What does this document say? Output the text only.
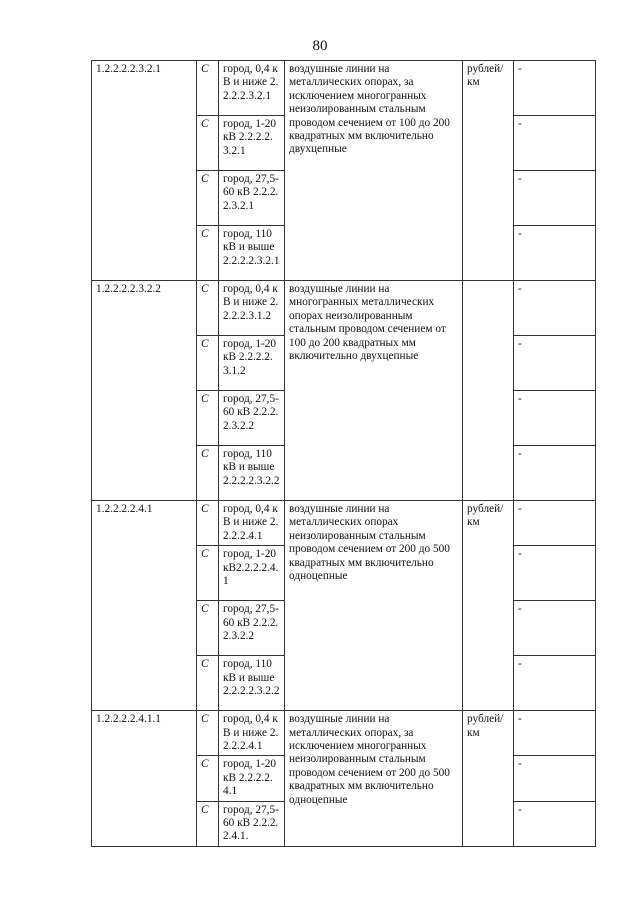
80
1.2.2.2.2.3.2.1	С	город, 0,4 кВ и ниже 2.2.2.2.3.2.1	воздушные линии на металлических опорах, за исключением многогранных неизолированным стальным проводом сечением от 100 до 200 квадратных мм включительно двухцепные	рублей/ км	-
	С	город, 1-20 кВ 2.2.2.2.3.2.1			-
	С	город, 27,5-60 кВ 2.2.2.2.3.2.1			-
	С	город, 110 кВ и выше 2.2.2.2.3.2.1			-
1.2.2.2.2.3.2.2	С	город, 0,4 кВ и ниже 2.2.2.2.3.1.2	воздушные линии на многогранных металлических опорах неизолированным стальным проводом сечением от 100 до 200 квадратных мм включительно двухцепные		-
	С	город, 1-20 кВ 2.2.2.2.3.1.2			-
	С	город, 27,5-60 кВ 2.2.2.2.3.2.2			-
	С	город, 110 кВ и выше 2.2.2.2.3.2.2			-
1.2.2.2.2.4.1	С	город, 0,4 кВ и ниже 2.2.2.2.4.1	воздушные линии на металлических опорах неизолированным стальным проводом сечением от 200 до 500 квадратных мм включительно одноцепные	рублей/ км	-
	С	город, 1-20 кВ2.2.2.2.4.1			-
	С	город, 27,5-60 кВ 2.2.2.2.3.2.2			-
	С	город, 110 кВ и выше 2.2.2.2.3.2.2			-
1.2.2.2.2.4.1.1	С	город, 0,4 кВ и ниже 2.2.2.2.4.1	воздушные линии на металлических опорах, за исключением многогранных неизолированным стальным проводом сечением от 200 до 500 квадратных мм включительно одноцепные	рублей/ км	-
	С	город, 1-20 кВ 2.2.2.2.4.1			-
	С	город, 27,5-60 кВ 2.2.2.2.4.1.			-
